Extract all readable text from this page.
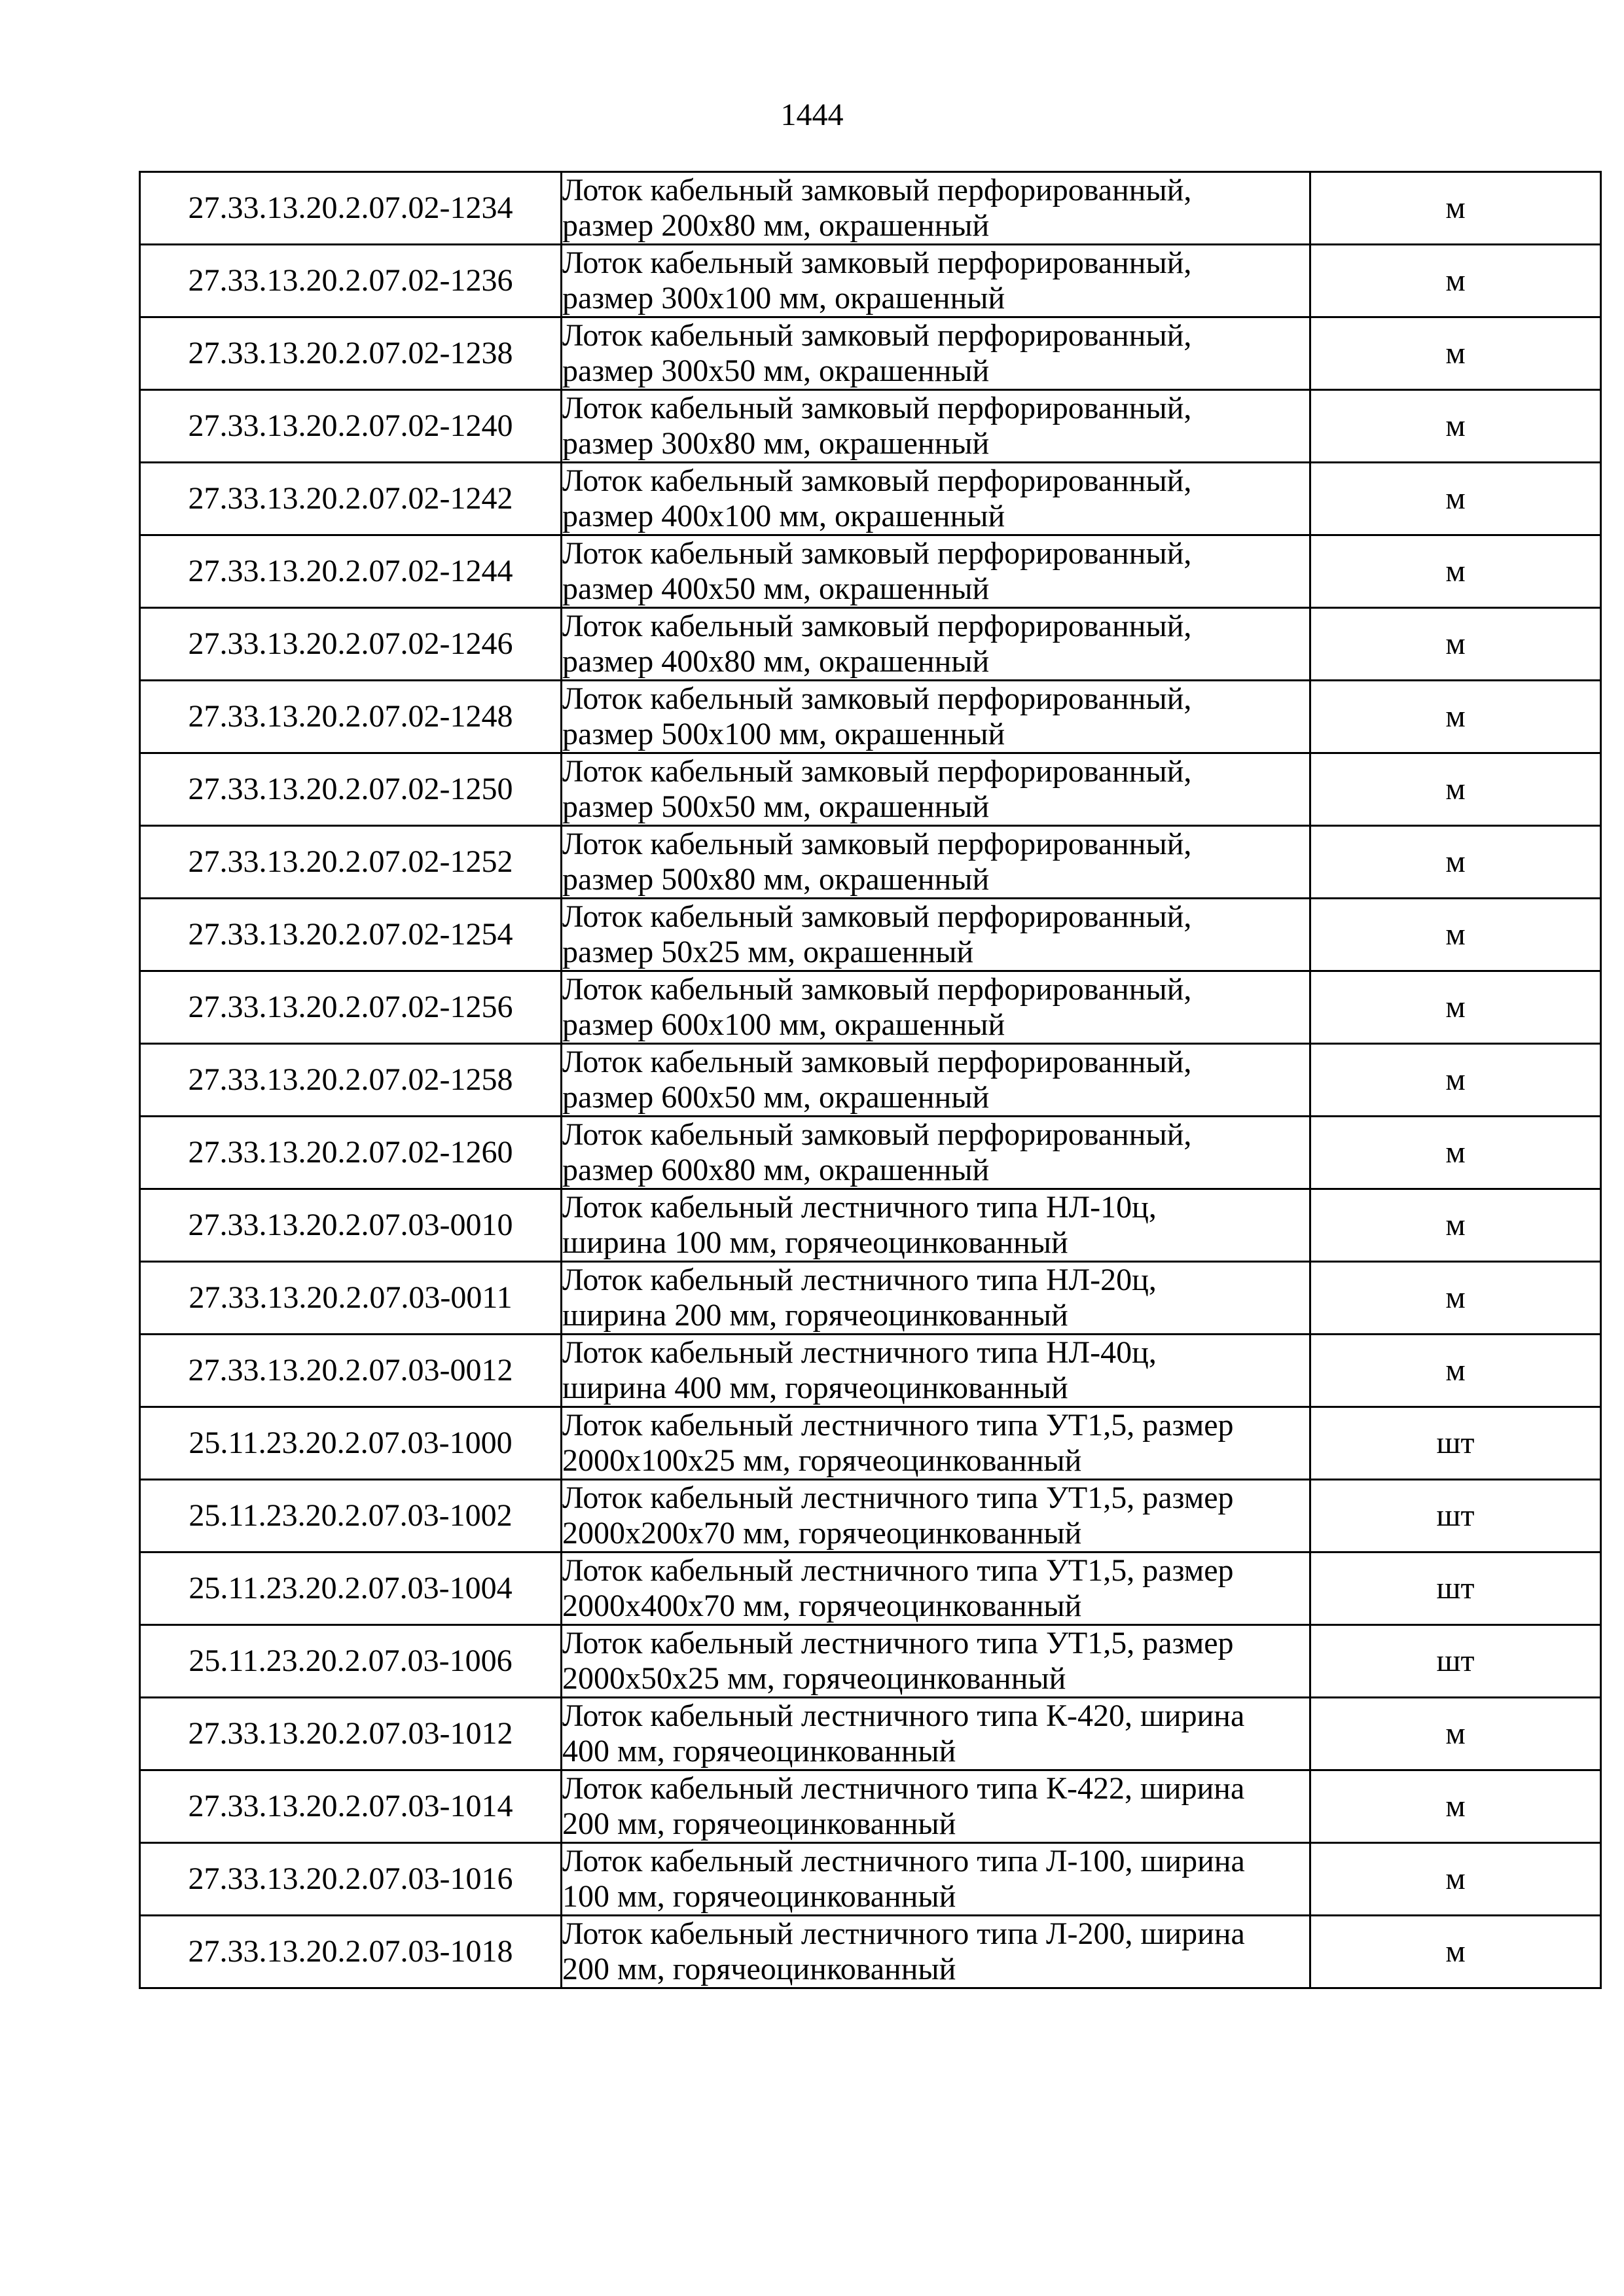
1444
27.33.13.20.2.07.02-1234	Лоток кабельный замковый перфорированный,
размер 200х80 мм, окрашенный	м
27.33.13.20.2.07.02-1236	Лоток кабельный замковый перфорированный,
размер 300х100 мм, окрашенный	м
27.33.13.20.2.07.02-1238	Лоток кабельный замковый перфорированный,
размер 300х50 мм, окрашенный	м
27.33.13.20.2.07.02-1240	Лоток кабельный замковый перфорированный,
размер 300х80 мм, окрашенный	м
27.33.13.20.2.07.02-1242	Лоток кабельный замковый перфорированный,
размер 400х100 мм, окрашенный	м
27.33.13.20.2.07.02-1244	Лоток кабельный замковый перфорированный,
размер 400х50 мм, окрашенный	м
27.33.13.20.2.07.02-1246	Лоток кабельный замковый перфорированный,
размер 400х80 мм, окрашенный	м
27.33.13.20.2.07.02-1248	Лоток кабельный замковый перфорированный,
размер 500х100 мм, окрашенный	м
27.33.13.20.2.07.02-1250	Лоток кабельный замковый перфорированный,
размер 500х50 мм, окрашенный	м
27.33.13.20.2.07.02-1252	Лоток кабельный замковый перфорированный,
размер 500х80 мм, окрашенный	м
27.33.13.20.2.07.02-1254	Лоток кабельный замковый перфорированный,
размер 50х25 мм, окрашенный	м
27.33.13.20.2.07.02-1256	Лоток кабельный замковый перфорированный,
размер 600х100 мм, окрашенный	м
27.33.13.20.2.07.02-1258	Лоток кабельный замковый перфорированный,
размер 600х50 мм, окрашенный	м
27.33.13.20.2.07.02-1260	Лоток кабельный замковый перфорированный,
размер 600х80 мм, окрашенный	м
27.33.13.20.2.07.03-0010	Лоток кабельный лестничного типа НЛ-10ц,
ширина 100 мм, горячеоцинкованный	м
27.33.13.20.2.07.03-0011	Лоток кабельный лестничного типа НЛ-20ц,
ширина 200 мм, горячеоцинкованный	м
27.33.13.20.2.07.03-0012	Лоток кабельный лестничного типа НЛ-40ц,
ширина 400 мм, горячеоцинкованный	м
25.11.23.20.2.07.03-1000	Лоток кабельный лестничного типа УТ1,5, размер
2000х100х25 мм, горячеоцинкованный	шт
25.11.23.20.2.07.03-1002	Лоток кабельный лестничного типа УТ1,5, размер
2000х200х70 мм, горячеоцинкованный	шт
25.11.23.20.2.07.03-1004	Лоток кабельный лестничного типа УТ1,5, размер
2000х400х70 мм, горячеоцинкованный	шт
25.11.23.20.2.07.03-1006	Лоток кабельный лестничного типа УТ1,5, размер
2000х50х25 мм, горячеоцинкованный	шт
27.33.13.20.2.07.03-1012	Лоток кабельный лестничного типа К-420, ширина
400 мм, горячеоцинкованный	м
27.33.13.20.2.07.03-1014	Лоток кабельный лестничного типа К-422, ширина
200 мм, горячеоцинкованный	м
27.33.13.20.2.07.03-1016	Лоток кабельный лестничного типа Л-100, ширина
100 мм, горячеоцинкованный	м
27.33.13.20.2.07.03-1018	Лоток кабельный лестничного типа Л-200, ширина
200 мм, горячеоцинкованный	м
